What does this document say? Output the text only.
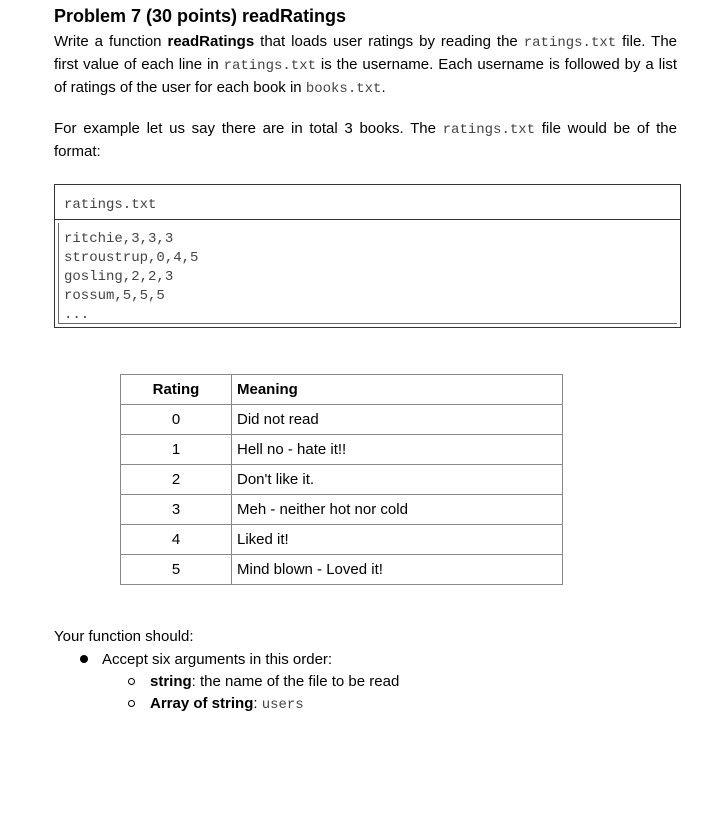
Problem 7 (30 points) readRatings
Write a function readRatings that loads user ratings by reading the ratings.txt file. The first value of each line in ratings.txt is the username. Each username is followed by a list of ratings of the user for each book in books.txt.
For example let us say there are in total 3 books. The ratings.txt file would be of the format:
ratings.txt
ritchie,3,3,3
stroustrup,0,4,5
gosling,2,2,3
rossum,5,5,5
...
Rating	Meaning
0	Did not read
1	Hell no - hate it!!
2	Don't like it.
3	Meh - neither hot nor cold
4	Liked it!
5	Mind blown - Loved it!
Your function should:
Accept six arguments in this order:
string: the name of the file to be read
Array of string: users
